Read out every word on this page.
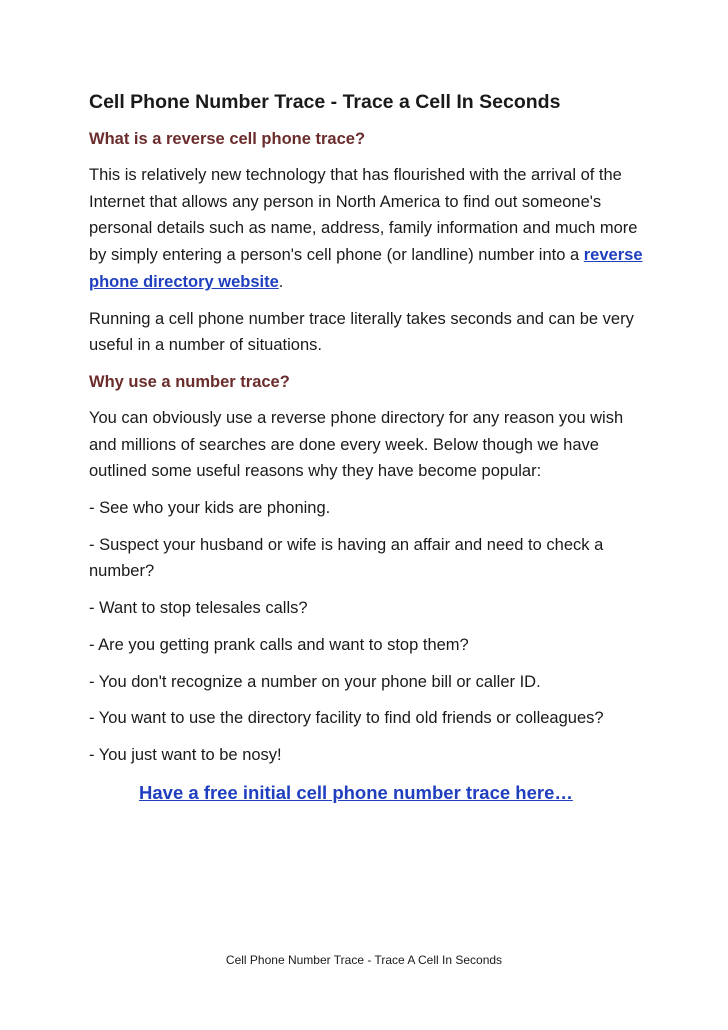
Cell Phone Number Trace - Trace a Cell In Seconds
What is a reverse cell phone trace?
This is relatively new technology that has flourished with the arrival of the Internet that allows any person in North America to find out someone's personal details such as name, address, family information and much more by simply entering a person's cell phone (or landline) number into a reverse phone directory website.
Running a cell phone number trace literally takes seconds and can be very useful in a number of situations.
Why use a number trace?
You can obviously use a reverse phone directory for any reason you wish and millions of searches are done every week. Below though we have outlined some useful reasons why they have become popular:
- See who your kids are phoning.
- Suspect your husband or wife is having an affair and need to check a number?
- Want to stop telesales calls?
- Are you getting prank calls and want to stop them?
- You don't recognize a number on your phone bill or caller ID.
- You want to use the directory facility to find old friends or colleagues?
- You just want to be nosy!
Have a free initial cell phone number trace here…
Cell Phone Number Trace - Trace A Cell In Seconds
